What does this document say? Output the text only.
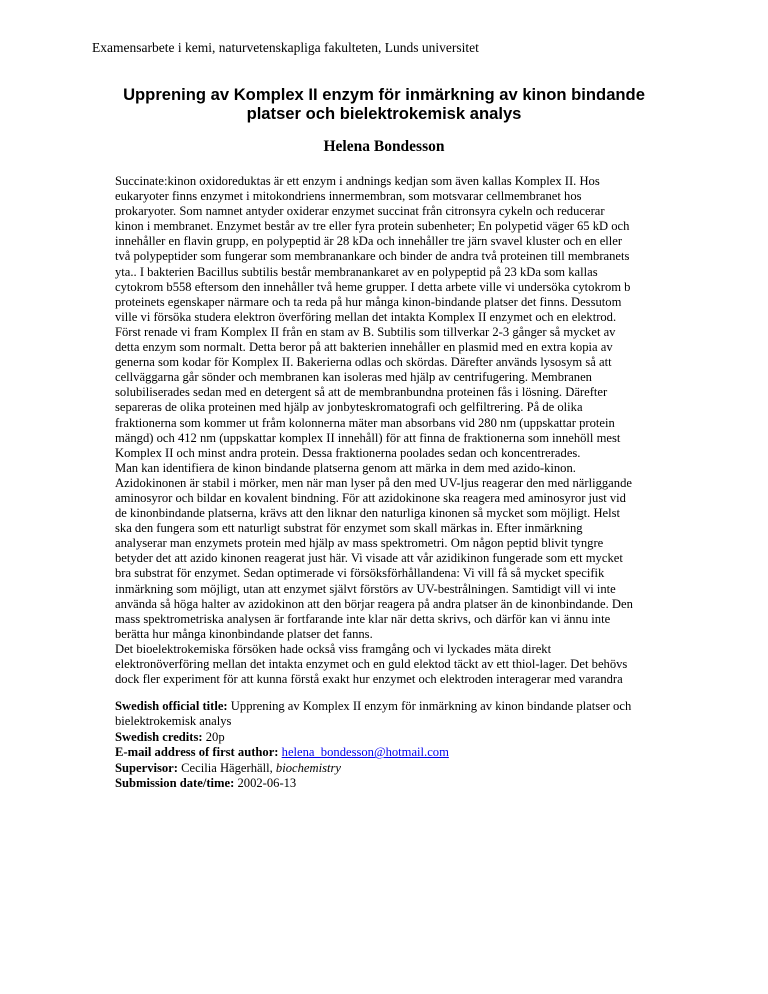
Examensarbete i kemi, naturvetenskapliga fakulteten, Lunds universitet
Upprening av Komplex II enzym för inmärkning av kinon bindande
platser och bielektrokemisk analys
Helena Bondesson
Succinate:kinon oxidoreduktas är ett enzym i andnings kedjan som även kallas Komplex II. Hos
eukaryoter finns enzymet i mitokondriens innermembran, som motsvarar cellmembranet hos
prokaryoter. Som namnet antyder oxiderar enzymet succinat från citronsyra cykeln och reducerar
kinon i membranet. Enzymet består av tre eller fyra protein subenheter; En polypetid väger 65 kD och
innehåller en flavin grupp, en polypeptid är 28 kDa och innehåller tre järn svavel kluster och en eller
två polypeptider som fungerar som membranankare och binder de andra två proteinen till membranets
yta.. I bakterien Bacillus subtilis består membranankaret av en polypeptid på 23 kDa som kallas
cytokrom b558 eftersom den innehåller två heme grupper. I detta arbete ville vi undersöka cytokrom b
proteinets egenskaper närmare och ta reda på hur många kinon-bindande platser det finns. Dessutom
ville vi försöka studera elektron överföring mellan det intakta Komplex II enzymet och en elektrod.
Först renade vi fram Komplex II från en stam av B. Subtilis som tillverkar 2-3 gånger så mycket av
detta enzym som normalt. Detta beror på att bakterien innehåller en plasmid med en extra kopia av
generna som kodar för Komplex II. Bakerierna odlas och skördas. Därefter används lysosym så att
cellväggarna går sönder och membranen kan isoleras med hjälp av centrifugering. Membranen
solubiliserades sedan med en detergent så att de membranbundna proteinen fås i lösning. Därefter
separeras de olika proteinen med hjälp av jonbyteskromatografi och gelfiltrering. På de olika
fraktionerna som kommer ut fråm kolonnerna mäter man absorbans vid 280 nm (uppskattar protein
mängd) och 412 nm (uppskattar komplex II innehåll) för att finna de fraktionerna som innehöll mest
Komplex II och minst andra protein. Dessa fraktionerna poolades sedan och koncentrerades.
Man kan identifiera de kinon bindande platserna genom att märka in dem med azido-kinon.
Azidokinonen är stabil i mörker, men när man lyser på den med UV-ljus reagerar den med närliggande
aminosyror och bildar en kovalent bindning. För att azidokinone ska reagera med aminosyror just vid
de kinonbindande platserna, krävs att den liknar den naturliga kinonen så mycket som möjligt. Helst
ska den fungera som ett naturligt substrat för enzymet som skall märkas in. Efter inmärkning
analyserar man enzymets protein med hjälp av mass spektrometri. Om någon peptid blivit tyngre
betyder det att azido kinonen reagerat just här. Vi visade att vår azidikinon fungerade som ett mycket
bra substrat för enzymet. Sedan optimerade vi försöksförhållandena: Vi vill få så mycket specifik
inmärkning som möjligt, utan att enzymet självt förstörs av UV-bestrålningen. Samtidigt vill vi inte
använda så höga halter av azidokinon att den börjar reagera på andra platser än de kinonbindande. Den
mass spektrometriska analysen är fortfarande inte klar när detta skrivs, och därför kan vi ännu inte
berätta hur många kinonbindande platser det fanns.
Det bioelektrokemiska försöken hade också viss framgång och vi lyckades mäta direkt
elektronöverföring mellan det intakta enzymet och en guld elektod täckt av ett thiol-lager. Det behövs
dock fler experiment för att kunna förstå exakt hur enzymet och elektroden interagerar med varandra
Swedish official title: Upprening av Komplex II enzym för inmärkning av kinon bindande platser och
bielektrokemisk analys
Swedish credits: 20p
E-mail address of first author: helena_bondesson@hotmail.com
Supervisor: Cecilia Hägerhäll, biochemistry
Submission date/time: 2002-06-13
